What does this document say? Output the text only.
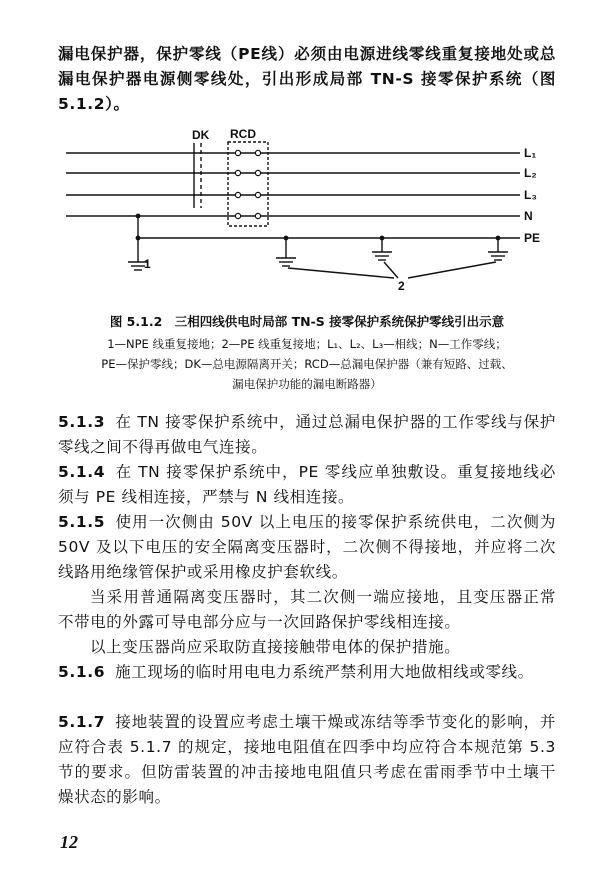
漏电保护器，保护零线（PE线）必须由电源进线零线重复接地处或总漏电保护器电源侧零线处，引出形成局部 TN-S 接零保护系统（图 5.1.2）。
DK RCD
L₁
L₂
L₃
N
PE
1
2
图 5.1.2　三相四线供电时局部 TN-S 接零保护系统保护零线引出示意
1—NPE 线重复接地；2—PE 线重复接地；L₁、L₂、L₃—相线；N—工作零线；
PE—保护零线；DK—总电源隔离开关；RCD—总漏电保护器（兼有短路、过载、
漏电保护功能的漏电断路器）
5.1.3 在 TN 接零保护系统中，通过总漏电保护器的工作零线与保护零线之间不得再做电气连接。
5.1.4 在 TN 接零保护系统中，PE 零线应单独敷设。重复接地线必须与 PE 线相连接，严禁与 N 线相连接。
5.1.5 使用一次侧由 50V 以上电压的接零保护系统供电，二次侧为 50V 及以下电压的安全隔离变压器时，二次侧不得接地，并应将二次线路用绝缘管保护或采用橡皮护套软线。
当采用普通隔离变压器时，其二次侧一端应接地，且变压器正常不带电的外露可导电部分应与一次回路保护零线相连接。
以上变压器尚应采取防直接接触带电体的保护措施。
5.1.6 施工现场的临时用电电力系统严禁利用大地做相线或零线。
5.1.7 接地装置的设置应考虑土壤干燥或冻结等季节变化的影响，并应符合表 5.1.7 的规定，接地电阻值在四季中均应符合本规范第 5.3 节的要求。但防雷装置的冲击接地电阻值只考虑在雷雨季节中土壤干燥状态的影响。
12
